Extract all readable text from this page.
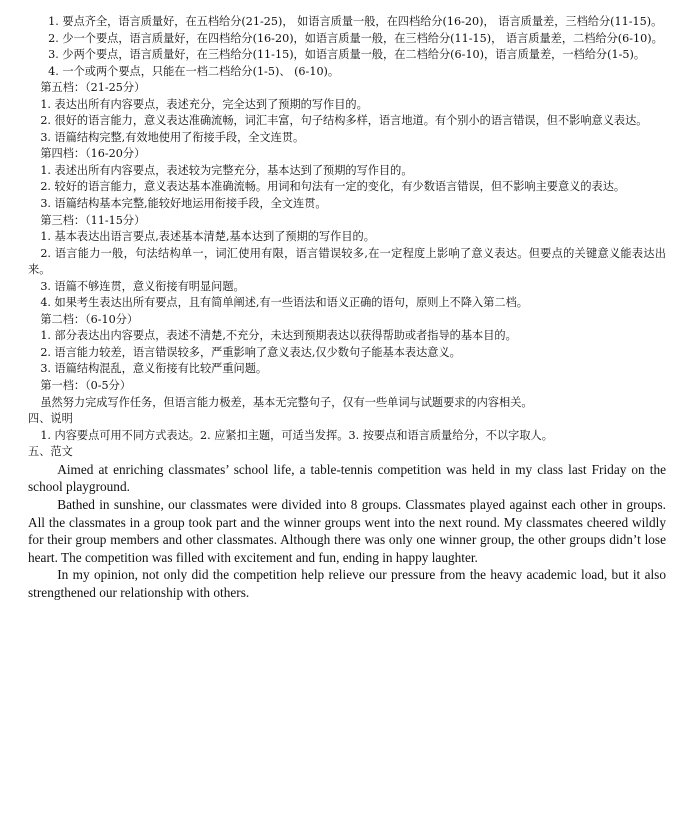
1. 要点齐全，语言质量好，在五档给分(21-25)， 如语言质量一般，在四档给分(16-20)， 语言质量差，三档给分(11-15)。

2. 少一个要点，语言质量好，在四档给分(16-20)，如语言质量一般，在三档给分(11-15)， 语言质量差，二档给分(6-10)。

3. 少两个要点，语言质量好，在三档给分(11-15)，如语言质量一般，在二档给分(6-10)，语言质量差，一档给分(1-5)。

4. 一个或两个要点，只能在一档二档给分(1-5)、 (6-10)。

第五档：（21-25分）

1. 表达出所有内容要点，表述充分，完全达到了预期的写作目的。

2. 很好的语言能力，意义表达准确流畅，词汇丰富，句子结构多样，语言地道。有个别小的语言错误，但不影响意义表达。

3. 语篇结构完整,有效地使用了衔接手段，全文连贯。

第四档：（16-20分）

1. 表述出所有内容要点，表述较为完整充分，基本达到了预期的写作目的。

2. 较好的语言能力，意义表达基本准确流畅。用词和句法有一定的变化，有少数语言错误，但不影响主要意义的表达。

3. 语篇结构基本完整,能较好地运用衔接手段，全文连贯。

第三档：（11-15分）

1. 基本表达出语言要点,表述基本清楚,基本达到了预期的写作目的。

2. 语言能力一般，句法结构单一，词汇使用有限，语言错误较多,在一定程度上影响了意义表达。但要点的关键意义能表达出来。

3. 语篇不够连贯，意义衔接有明显问题。

4. 如果考生表达出所有要点，且有简单阐述,有一些语法和语义正确的语句，原则上不降入第二档。

第二档：（6-10分）

1. 部分表达出内容要点，表述不清楚,不充分，未达到预期表达以获得帮助或者指导的基本目的。

2. 语言能力较差，语言错误较多，严重影响了意义表达,仅少数句子能基本表达意义。

3. 语篇结构混乱，意义衔接有比较严重问题。

第一档：（0-5分）

虽然努力完成写作任务，但语言能力极差，基本无完整句子，仅有一些单词与试题要求的内容相关。

四、说明

1. 内容要点可用不同方式表达。2. 应紧扣主题，可适当发挥。3. 按要点和语言质量给分，不以字取人。

五、范文

Aimed at enriching classmates’ school life, a table-tennis competition was held in my class last Friday on the school playground.

Bathed in sunshine, our classmates were divided into 8 groups. Classmates played against each other in groups. All the classmates in a group took part and the winner groups went into the next round. My classmates cheered wildly for their group members and other classmates. Although there was only one winner group, the other groups didn’t lose heart. The competition was filled with excitement and fun, ending in happy laughter.

In my opinion, not only did the competition help relieve our pressure from the heavy academic load, but it also strengthened our relationship with others.
